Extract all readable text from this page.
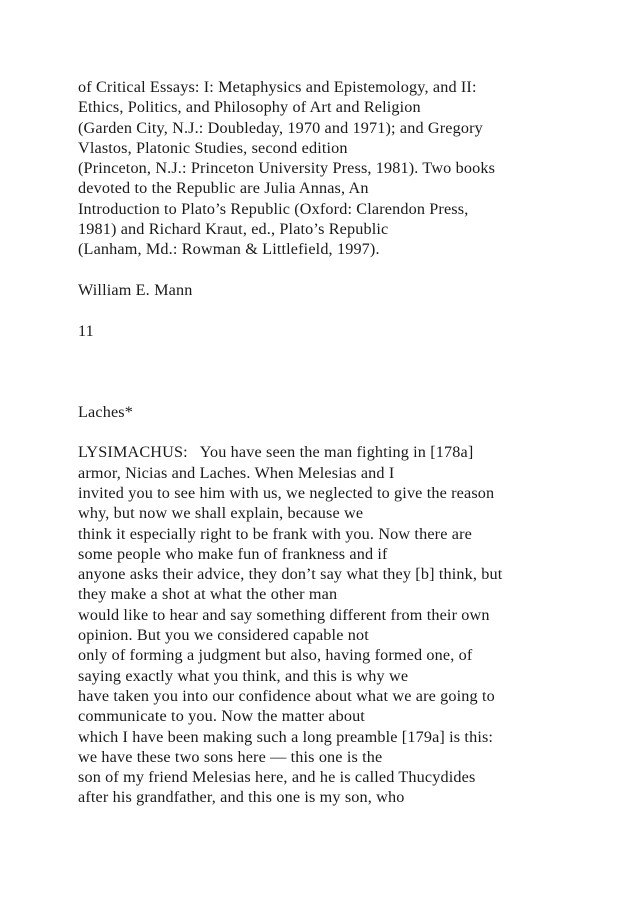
of Critical Essays: I: Metaphysics and Epistemology, and II:
Ethics, Politics, and Philosophy of Art and Religion
(Garden City, N.J.: Doubleday, 1970 and 1971); and Gregory
Vlastos, Platonic Studies, second edition
(Princeton, N.J.: Princeton University Press, 1981). Two books
devoted to the Republic are Julia Annas, An
Introduction to Plato’s Republic (Oxford: Clarendon Press,
1981) and Richard Kraut, ed., Plato’s Republic
(Lanham, Md.: Rowman & Littlefield, 1997).
William E. Mann
11
Laches*
LYSIMACHUS:   You have seen the man fighting in [178a]
armor, Nicias and Laches. When Melesias and I
invited you to see him with us, we neglected to give the reason
why, but now we shall explain, because we
think it especially right to be frank with you. Now there are
some people who make fun of frankness and if
anyone asks their advice, they don’t say what they [b] think, but
they make a shot at what the other man
would like to hear and say something different from their own
opinion. But you we considered capable not
only of forming a judgment but also, having formed one, of
saying exactly what you think, and this is why we
have taken you into our confidence about what we are going to
communicate to you. Now the matter about
which I have been making such a long preamble [179a] is this:
we have these two sons here — this one is the
son of my friend Melesias here, and he is called Thucydides
after his grandfather, and this one is my son, who
